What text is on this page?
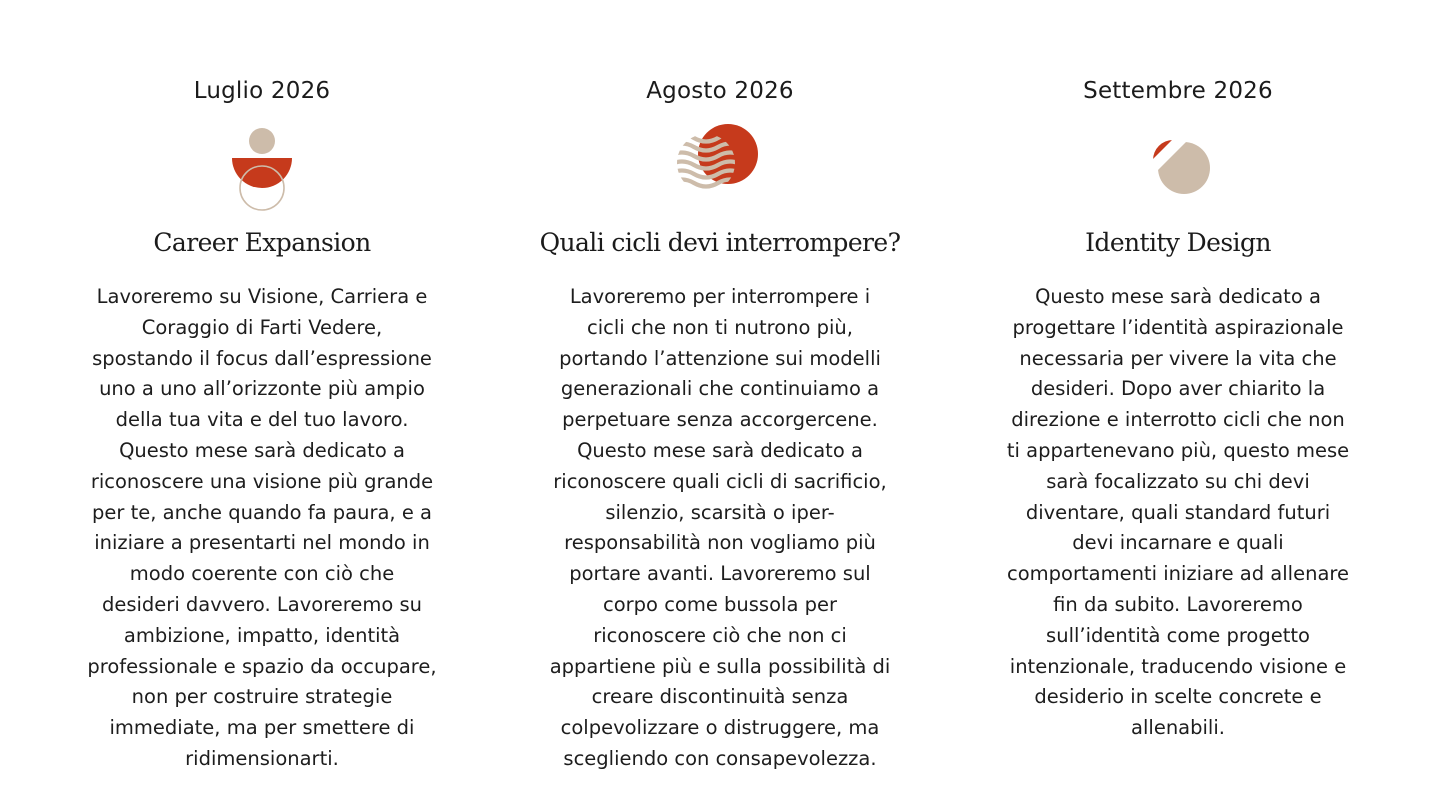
Luglio 2026
Career Expansion

Lavoreremo su Visione, Carriera e
Coraggio di Farti Vedere,
spostando il focus dall’espressione
uno a uno all’orizzonte più ampio
della tua vita e del tuo lavoro.
Questo mese sarà dedicato a
riconoscere una visione più grande
per te, anche quando fa paura, e a
iniziare a presentarti nel mondo in
modo coerente con ciò che
desideri davvero. Lavoreremo su
ambizione, impatto, identità
professionale e spazio da occupare,
non per costruire strategie
immediate, ma per smettere di
ridimensionarti.

Agosto 2026
Quali cicli devi interrompere?

Lavoreremo per interrompere i
cicli che non ti nutrono più,
portando l’attenzione sui modelli
generazionali che continuiamo a
perpetuare senza accorgercene.
Questo mese sarà dedicato a
riconoscere quali cicli di sacrificio,
silenzio, scarsità o iper-
responsabilità non vogliamo più
portare avanti. Lavoreremo sul
corpo come bussola per
riconoscere ciò che non ci
appartiene più e sulla possibilità di
creare discontinuità senza
colpevolizzare o distruggere, ma
scegliendo con consapevolezza.

Settembre 2026
Identity Design

Questo mese sarà dedicato a
progettare l’identità aspirazionale
necessaria per vivere la vita che
desideri. Dopo aver chiarito la
direzione e interrotto cicli che non
ti appartenevano più, questo mese
sarà focalizzato su chi devi
diventare, quali standard futuri
devi incarnare e quali
comportamenti iniziare ad allenare
fin da subito. Lavoreremo
sull’identità come progetto
intenzionale, traducendo visione e
desiderio in scelte concrete e
allenabili.
